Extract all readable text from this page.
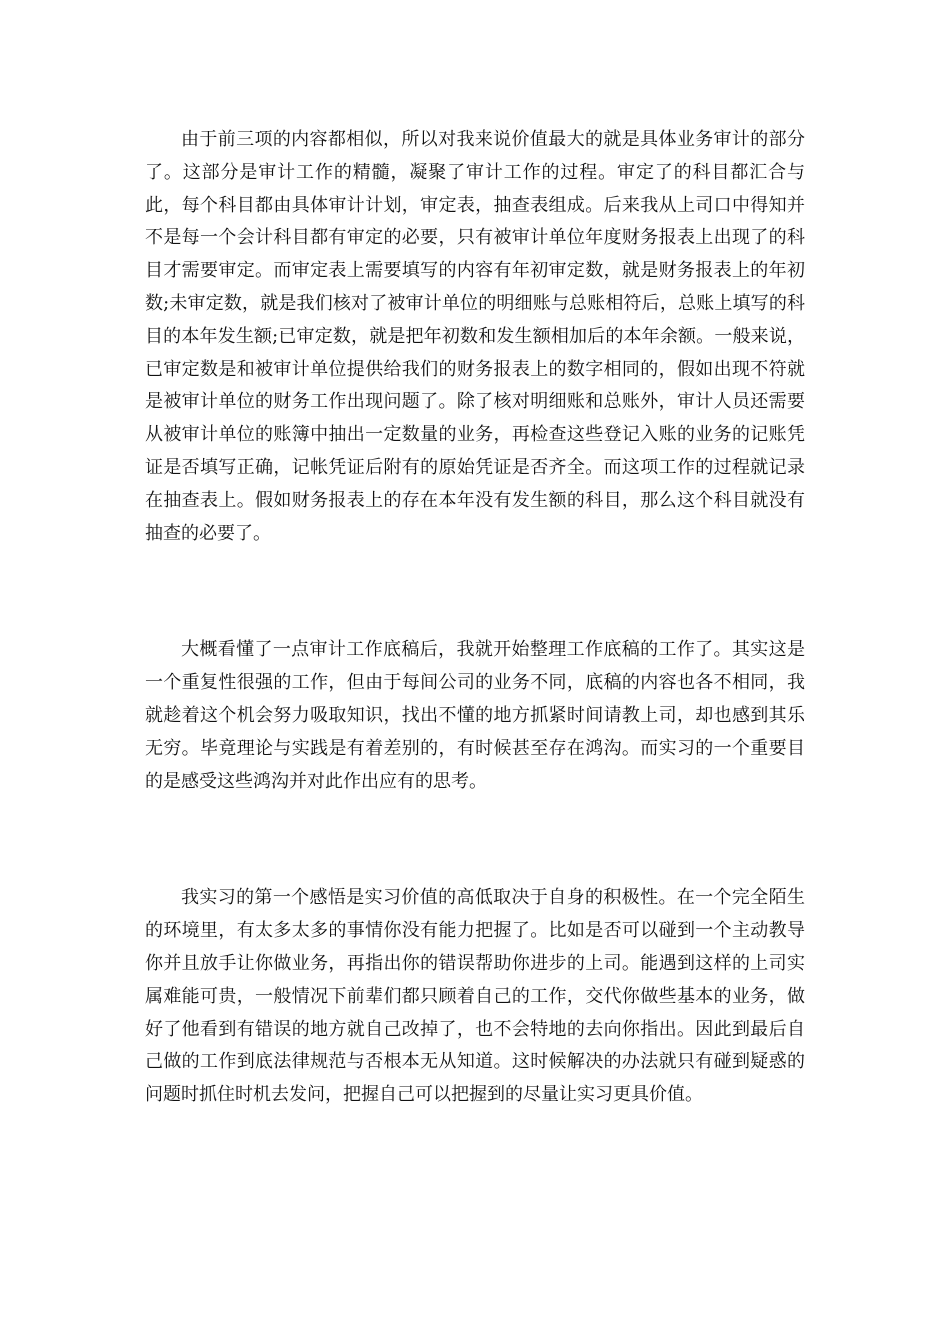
由于前三项的内容都相似，所以对我来说价值最大的就是具体业务审计的部分了。这部分是审计工作的精髓，凝聚了审计工作的过程。审定了的科目都汇合与此，每个科目都由具体审计计划，审定表，抽查表组成。后来我从上司口中得知并不是每一个会计科目都有审定的必要，只有被审计单位年度财务报表上出现了的科目才需要审定。而审定表上需要填写的内容有年初审定数，就是财务报表上的年初数;未审定数，就是我们核对了被审计单位的明细账与总账相符后，总账上填写的科目的本年发生额;已审定数，就是把年初数和发生额相加后的本年余额。一般来说，已审定数是和被审计单位提供给我们的财务报表上的数字相同的，假如出现不符就是被审计单位的财务工作出现问题了。除了核对明细账和总账外，审计人员还需要从被审计单位的账簿中抽出一定数量的业务，再检查这些登记入账的业务的记账凭证是否填写正确，记帐凭证后附有的原始凭证是否齐全。而这项工作的过程就记录在抽查表上。假如财务报表上的存在本年没有发生额的科目，那么这个科目就没有抽查的必要了。

大概看懂了一点审计工作底稿后，我就开始整理工作底稿的工作了。其实这是一个重复性很强的工作，但由于每间公司的业务不同，底稿的内容也各不相同，我就趁着这个机会努力吸取知识，找出不懂的地方抓紧时间请教上司，却也感到其乐无穷。毕竟理论与实践是有着差别的，有时候甚至存在鸿沟。而实习的一个重要目的是感受这些鸿沟并对此作出应有的思考。

我实习的第一个感悟是实习价值的高低取决于自身的积极性。在一个完全陌生的环境里，有太多太多的事情你没有能力把握了。比如是否可以碰到一个主动教导你并且放手让你做业务，再指出你的错误帮助你进步的上司。能遇到这样的上司实属难能可贵，一般情况下前辈们都只顾着自己的工作，交代你做些基本的业务，做好了他看到有错误的地方就自己改掉了，也不会特地的去向你指出。因此到最后自己做的工作到底法律规范与否根本无从知道。这时候解决的办法就只有碰到疑惑的问题时抓住时机去发问，把握自己可以把握到的尽量让实习更具价值。
